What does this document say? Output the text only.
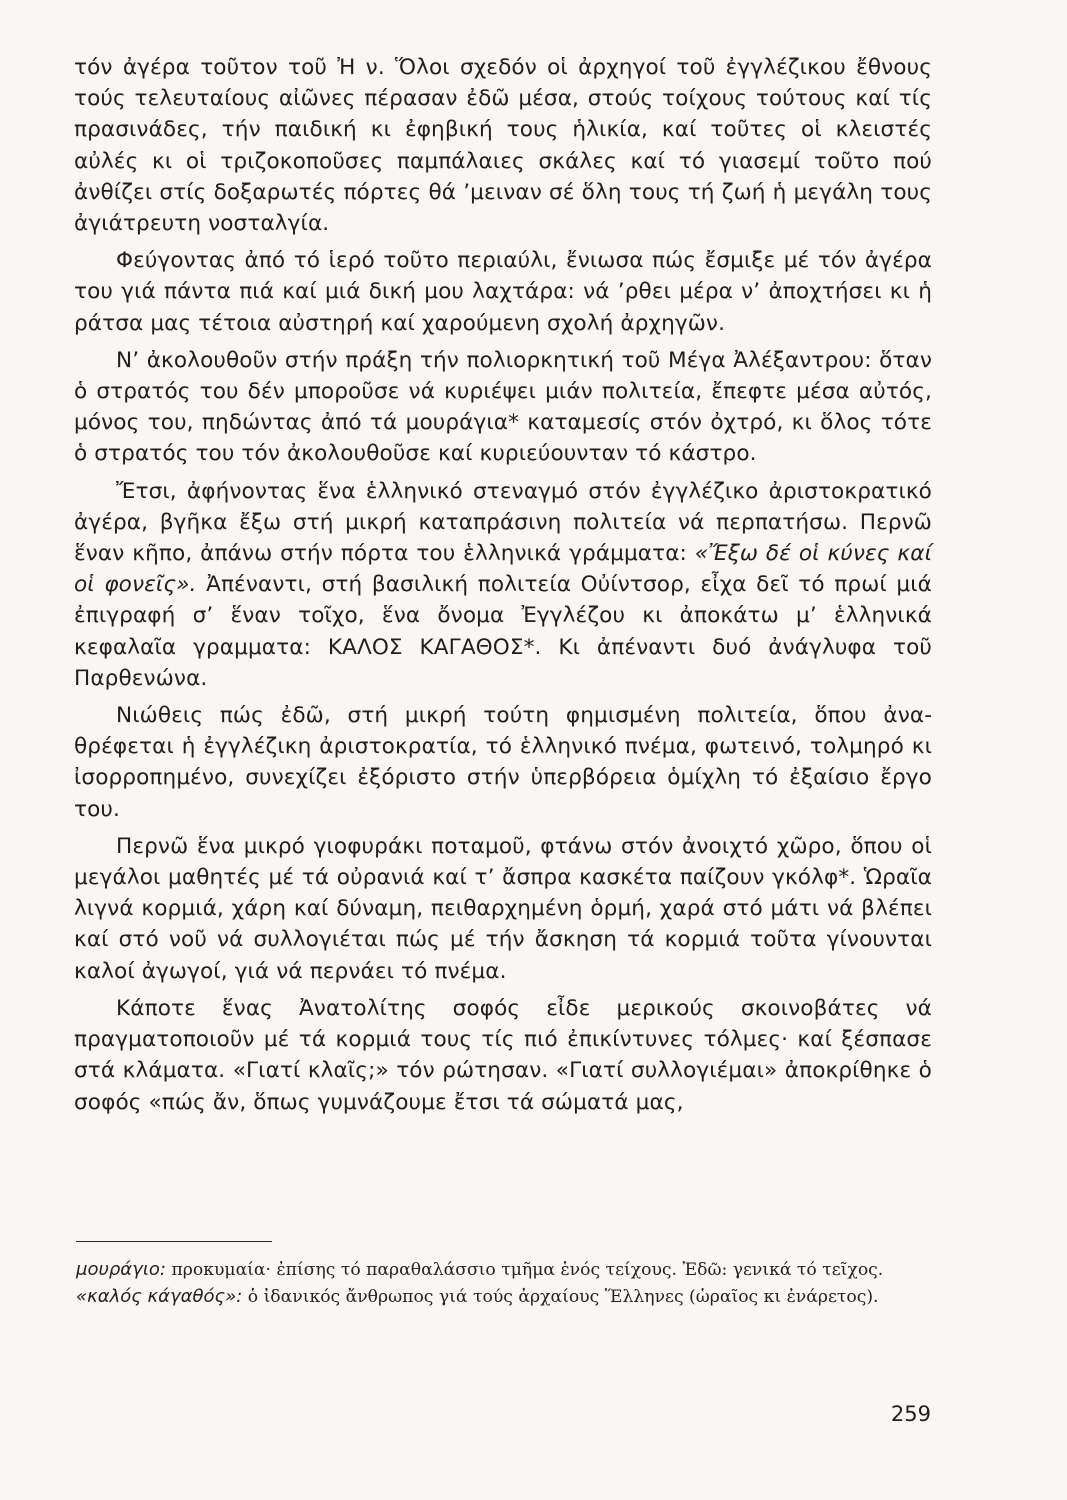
τόν ἀγέρα τοῦτον τοῦ Ἠ ν. Ὅλοι σχεδόν οἱ ἀρχηγοί τοῦ ἐγγλέζικου ἔθνους τούς τελευταίους αἰῶνες πέρασαν ἐδῶ μέσα, στούς τοίχους τούτους καί τίς πρασινάδες, τήν παιδική κι ἐφηβική τους ἡλικία, καί τοῦτες οἱ κλειστές αὐλές κι οἱ τριζοκοποῦσες παμπάλαιες σκάλες καί τό γιασεμί τοῦτο πού ἀνθίζει στίς δοξαρωτές πόρτες θά ’μειναν σέ ὅλη τους τή ζωή ἡ μεγάλη τους ἀγιάτρευτη νοσταλγία.

Φεύγοντας ἀπό τό ἱερό τοῦτο περιαύλι, ἔνιωσα πώς ἔσμιξε μέ τόν ἀγέρα του γιά πάντα πιά καί μιά δική μου λαχτάρα: νά ’ρθει μέρα ν’ ἀποχτήσει κι ἡ ράτσα μας τέτοια αὐστηρή καί χαρούμενη σχολή ἀρχηγῶν.

Ν’ ἀκολουθοῦν στήν πράξη τήν πολιορκητική τοῦ Μέγα Ἀλέξαντρου: ὅταν ὁ στρατός του δέν μποροῦσε νά κυριέψει μιάν πολιτεία, ἔπεφτε μέσα αὐτός, μόνος του, πηδώντας ἀπό τά μουράγια* καταμεσίς στόν ὀχτρό, κι ὅλος τότε ὁ στρατός του τόν ἀκολουθοῦσε καί κυριεύουνταν τό κάστρο.

Ἔτσι, ἀφήνοντας ἕνα ἑλληνικό στεναγμό στόν ἐγγλέζικο ἀριστοκρατικό ἀγέρα, βγῆκα ἔξω στή μικρή καταπράσινη πολιτεία νά περπατήσω. Περνῶ ἕναν κῆπο, ἀπάνω στήν πόρτα του ἑλληνικά γράμματα: «Ἔξω δέ οἱ κύνες καί οἱ φονεῖς». Ἀπέναντι, στή βασιλική πολιτεία Οὐίντσορ, εἶχα δεῖ τό πρωί μιά ἐπιγραφή σ’ ἕναν τοῖχο, ἕνα ὄνομα Ἐγγλέζου κι ἀποκάτω μ’ ἑλληνικά κεφαλαῖα γραμματα: ΚΑΛΟΣ ΚΑΓΑΘΟΣ*. Κι ἀπέναντι δυό ἀνάγλυφα τοῦ Παρθενώνα.

Νιώθεις πώς ἐδῶ, στή μικρή τούτη φημισμένη πολιτεία, ὅπου ἀναθρέφεται ἡ ἐγγλέζικη ἀριστοκρατία, τό ἑλληνικό πνέμα, φωτεινό, τολμηρό κι ἰσορροπημένο, συνεχίζει ἐξόριστο στήν ὑπερβόρεια ὁμίχλη τό ἐξαίσιο ἔργο του.

Περνῶ ἕνα μικρό γιοφυράκι ποταμοῦ, φτάνω στόν ἀνοιχτό χῶρο, ὅπου οἱ μεγάλοι μαθητές μέ τά οὐρανιά καί τ’ ἄσπρα κασκέτα παίζουν γκόλφ*. Ὡραῖα λιγνά κορμιά, χάρη καί δύναμη, πειθαρχημένη ὁρμή, χαρά στό μάτι νά βλέπει καί στό νοῦ νά συλλογιέται πώς μέ τήν ἄσκηση τά κορμιά τοῦτα γίνουνται καλοί ἀγωγοί, γιά νά περνάει τό πνέμα.

Κάποτε ἕνας Ἀνατολίτης σοφός εἶδε μερικούς σκοινοβάτες νά πραγματοποιοῦν μέ τά κορμιά τους τίς πιό ἐπικίντυνες τόλμες· καί ξέσπασε στά κλάματα. «Γιατί κλαῖς;» τόν ρώτησαν. «Γιατί συλλογιέμαι» ἀποκρίθηκε ὁ σοφός «πώς ἄν, ὅπως γυμνάζουμε ἔτσι τά σώματά μας,

μουράγιο: προκυμαία· ἐπίσης τό παραθαλάσσιο τμῆμα ἑνός τείχους. Ἐδῶ: γενικά τό τεῖχος.

«καλός κάγαθός»: ὁ ἰδανικός ἄνθρωπος γιά τούς ἀρχαίους Ἕλληνες (ὡραῖος κι ἐνάρετος).

259
